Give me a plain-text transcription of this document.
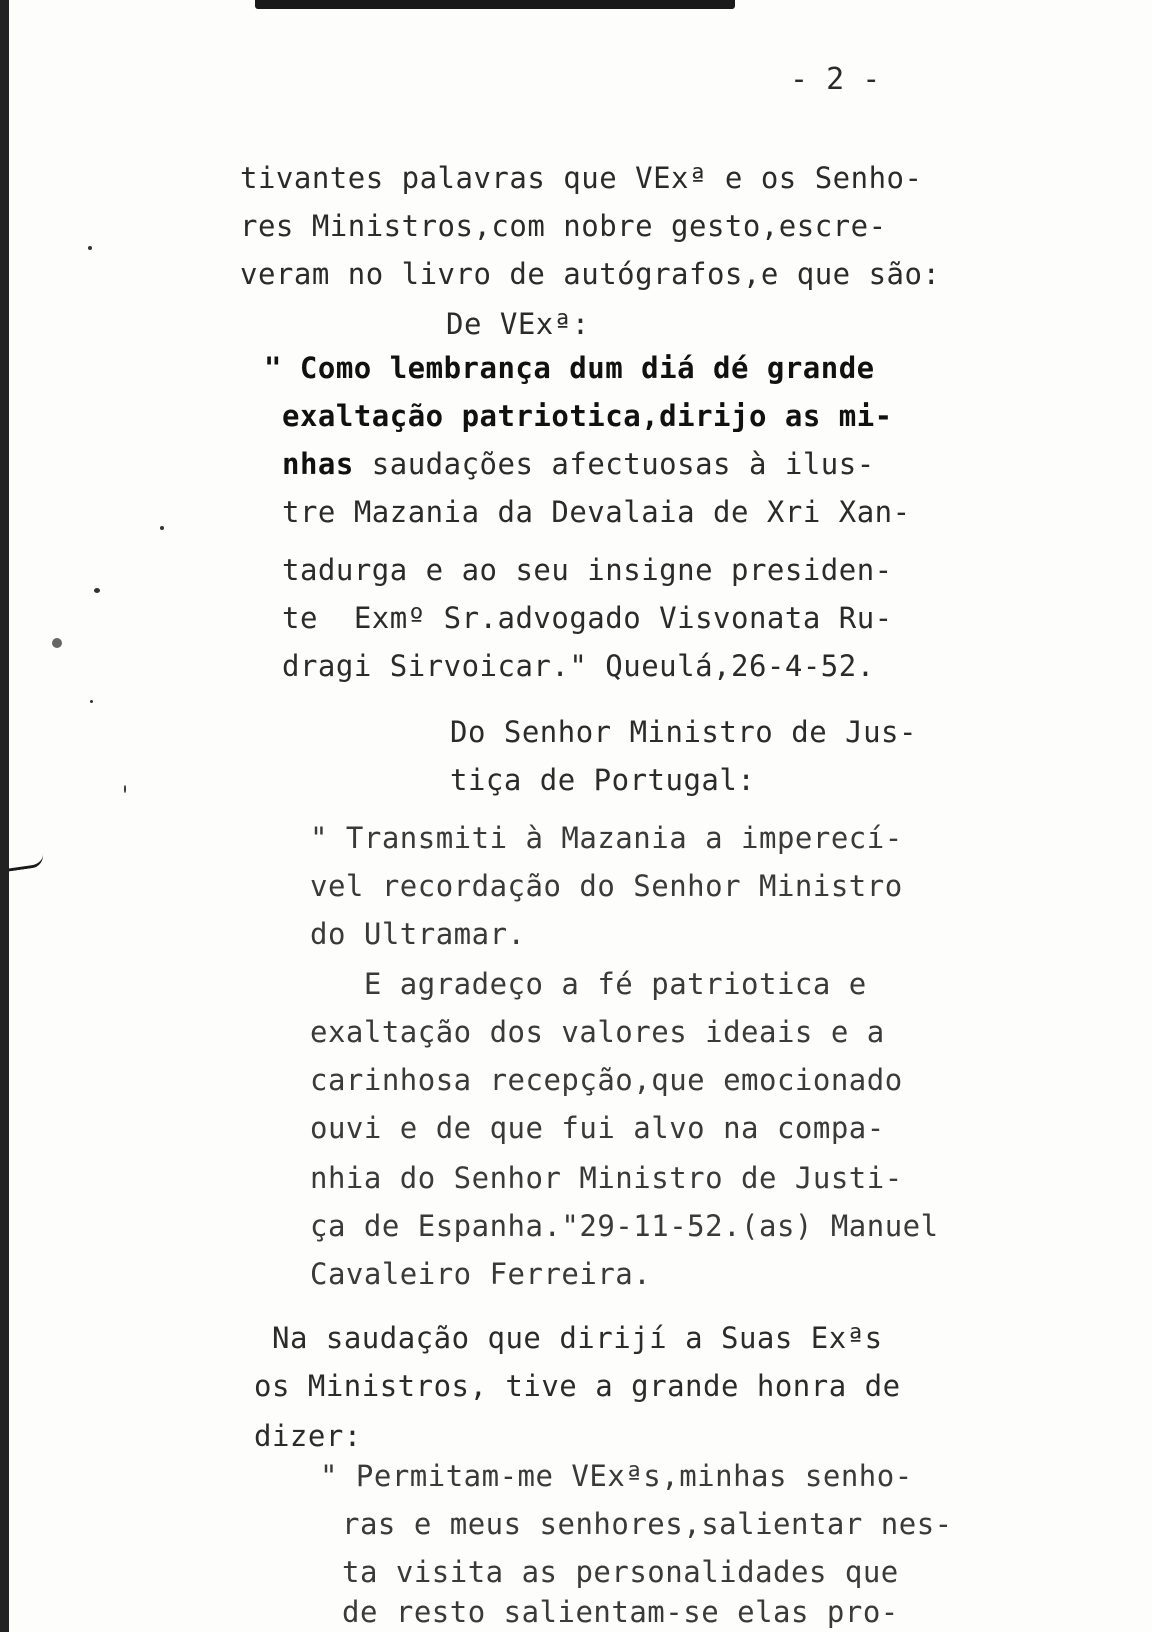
- 2 -

tivantes palavras que VExª e os Senho-

res Ministros,com nobre gesto,escre-

veram no livro de autógrafos,e que são:

De VExª:

" Como lembrança dum diá dé grande

exaltação patriotica,dirijo as mi-

nhas saudações afectuosas à ilus-

tre Mazania da Devalaia de Xri Xan-

tadurga e ao seu insigne presiden-

te  Exmº Sr.advogado Visvonata Ru-

dragi Sirvoicar." Queulá,26-4-52.

Do Senhor Ministro de Jus-

tiça de Portugal:

" Transmiti à Mazania a imperecí-

vel recordação do Senhor Ministro

do Ultramar.

E agradeço a fé patriotica e

exaltação dos valores ideais e a

carinhosa recepção,que emocionado

ouvi e de que fui alvo na compa-

nhia do Senhor Ministro de Justi-

ça de Espanha."29-11-52.(as) Manuel

Cavaleiro Ferreira.

Na saudação que dirijí a Suas Exªs

os Ministros, tive a grande honra de

dizer:

" Permitam-me VExªs,minhas senho-

ras e meus senhores,salientar nes-

ta visita as personalidades que

de resto salientam-se elas pro-
